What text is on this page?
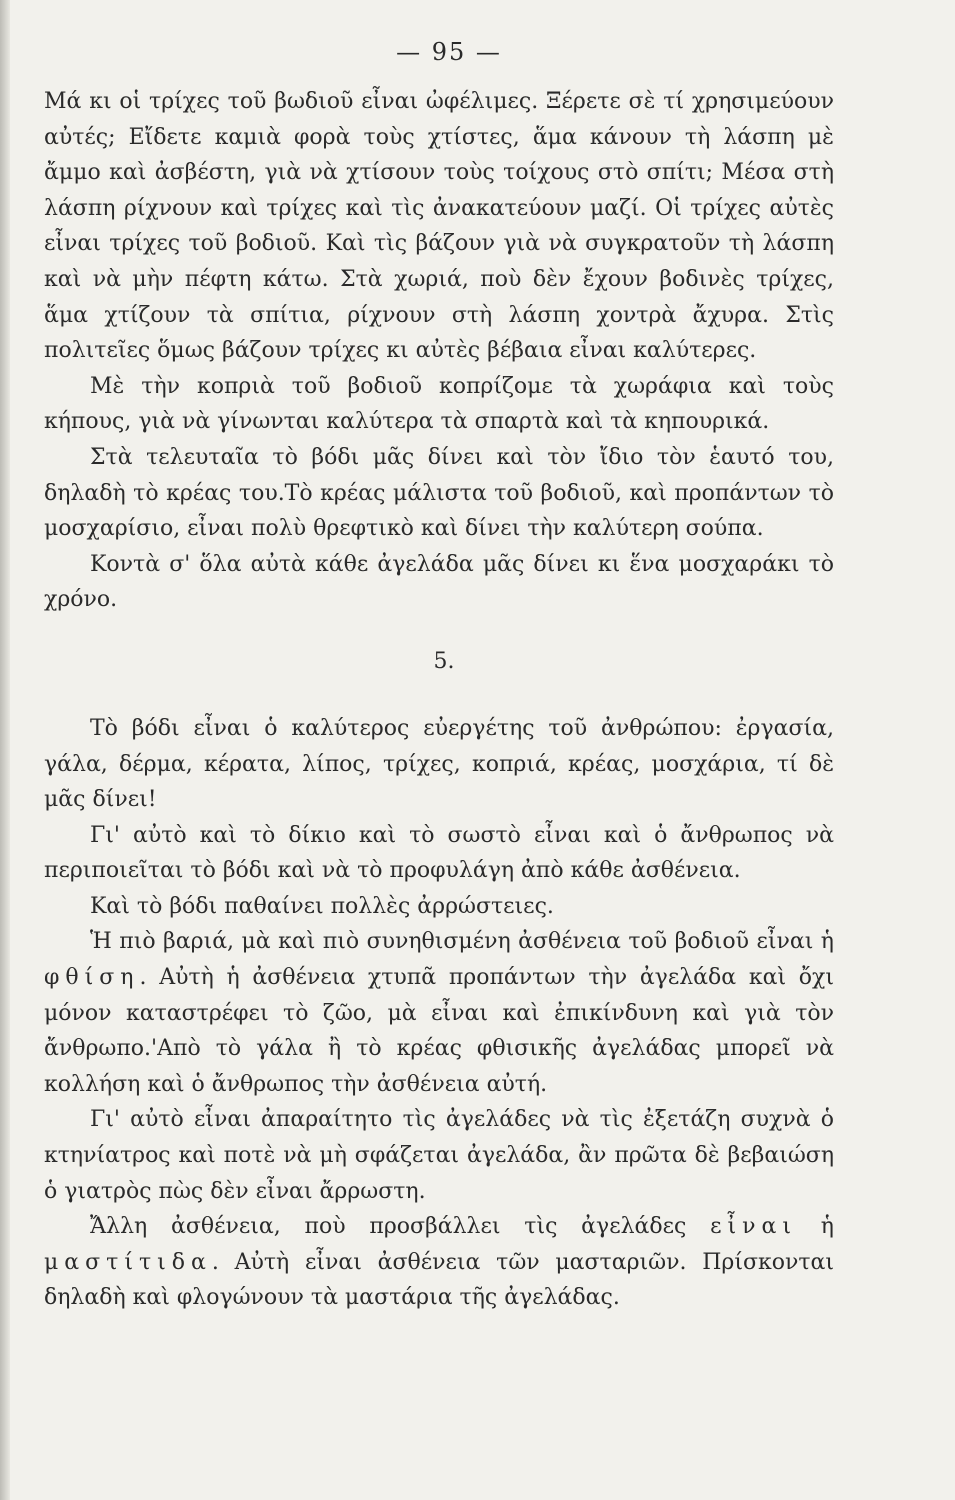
— 95 —

Μά κι οἱ τρίχες τοῦ βωδιοῦ εἶναι ὠφέλιμες. Ξέρετε σὲ τί χρησιμεύουν αὐτές; Εἴδετε καμιὰ φορὰ τοὺς χτίστες, ἅμα κάνουν τὴ λάσπη μὲ ἄμμο καὶ ἀσβέστη, γιὰ νὰ χτίσουν τοὺς τοίχους στὸ σπίτι; Μέσα στὴ λάσπη ρίχνουν καὶ τρίχες καὶ τὶς ἀνακατεύουν μαζί. Οἱ τρίχες αὐτὲς εἶναι τρίχες τοῦ βοδιοῦ. Καὶ τὶς βάζουν γιὰ νὰ συγκρατοῦν τὴ λάσπη καὶ νὰ μὴν πέφτη κάτω. Στὰ χωριά, ποὺ δὲν ἔχουν βοδινὲς τρίχες, ἅμα χτίζουν τὰ σπίτια, ρίχνουν στὴ λάσπη χοντρὰ ἄχυρα. Στὶς πολιτεῖες ὅμως βάζουν τρίχες κι αὐτὲς βέβαια εἶναι καλύτερες.

Μὲ τὴν κοπριὰ τοῦ βοδιοῦ κοπρίζομε τὰ χωράφια καὶ τοὺς κήπους, γιὰ νὰ γίνωνται καλύτερα τὰ σπαρτὰ καὶ τὰ κηπουρικά.

Στὰ τελευταῖα τὸ βόδι μᾶς δίνει καὶ τὸν ἴδιο τὸν ἑαυτό του, δηλαδὴ τὸ κρέας του.Τὸ κρέας μάλιστα τοῦ βοδιοῦ, καὶ προπάντων τὸ μοσχαρίσιο, εἶναι πολὺ θρεφτικὸ καὶ δίνει τὴν καλύτερη σούπα.

Κοντὰ σ' ὅλα αὐτὰ κάθε ἀγελάδα μᾶς δίνει κι ἕνα μοσχαράκι τὸ χρόνο.

5.

Τὸ βόδι εἶναι ὁ καλύτερος εὐεργέτης τοῦ ἀνθρώπου: ἐργασία, γάλα, δέρμα, κέρατα, λίπος, τρίχες, κοπριά, κρέας, μοσχάρια, τί δὲ μᾶς δίνει!

Γι' αὐτὸ καὶ τὸ δίκιο καὶ τὸ σωστὸ εἶναι καὶ ὁ ἄνθρωπος νὰ περιποιεῖται τὸ βόδι καὶ νὰ τὸ προφυλάγη ἀπὸ κάθε ἀσθένεια.

Καὶ τὸ βόδι παθαίνει πολλὲς ἀρρώστειες.

Ἡ πιὸ βαριά, μὰ καὶ πιὸ συνηθισμένη ἀσθένεια τοῦ βοδιοῦ εἶναι ἡ φθίση. Αὐτὴ ἡ ἀσθένεια χτυπᾶ προπάντων τὴν ἀγελάδα καὶ ὄχι μόνον καταστρέφει τὸ ζῶο, μὰ εἶναι καὶ ἐπικίνδυνη καὶ γιὰ τὸν ἄνθρωπο.'Απὸ τὸ γάλα ἢ τὸ κρέας φθισικῆς ἀγελάδας μπορεῖ νὰ κολλήση καὶ ὁ ἄνθρωπος τὴν ἀσθένεια αὐτή.

Γι' αὐτὸ εἶναι ἀπαραίτητο τὶς ἀγελάδες νὰ τὶς ἐξετάζη συχνὰ ὁ κτηνίατρος καὶ ποτὲ νὰ μὴ σφάζεται ἀγελάδα, ἂν πρῶτα δὲ βεβαιώση ὁ γιατρὸς πὼς δὲν εἶναι ἄρρωστη.

Ἄλλη ἀσθένεια, ποὺ προσβάλλει τὶς ἀγελάδες εἶναι ἡ μαστίτιδα. Αὐτὴ εἶναι ἀσθένεια τῶν μασταριῶν. Πρίσκονται δηλαδὴ καὶ φλογώνουν τὰ μαστάρια τῆς ἀγελάδας.
